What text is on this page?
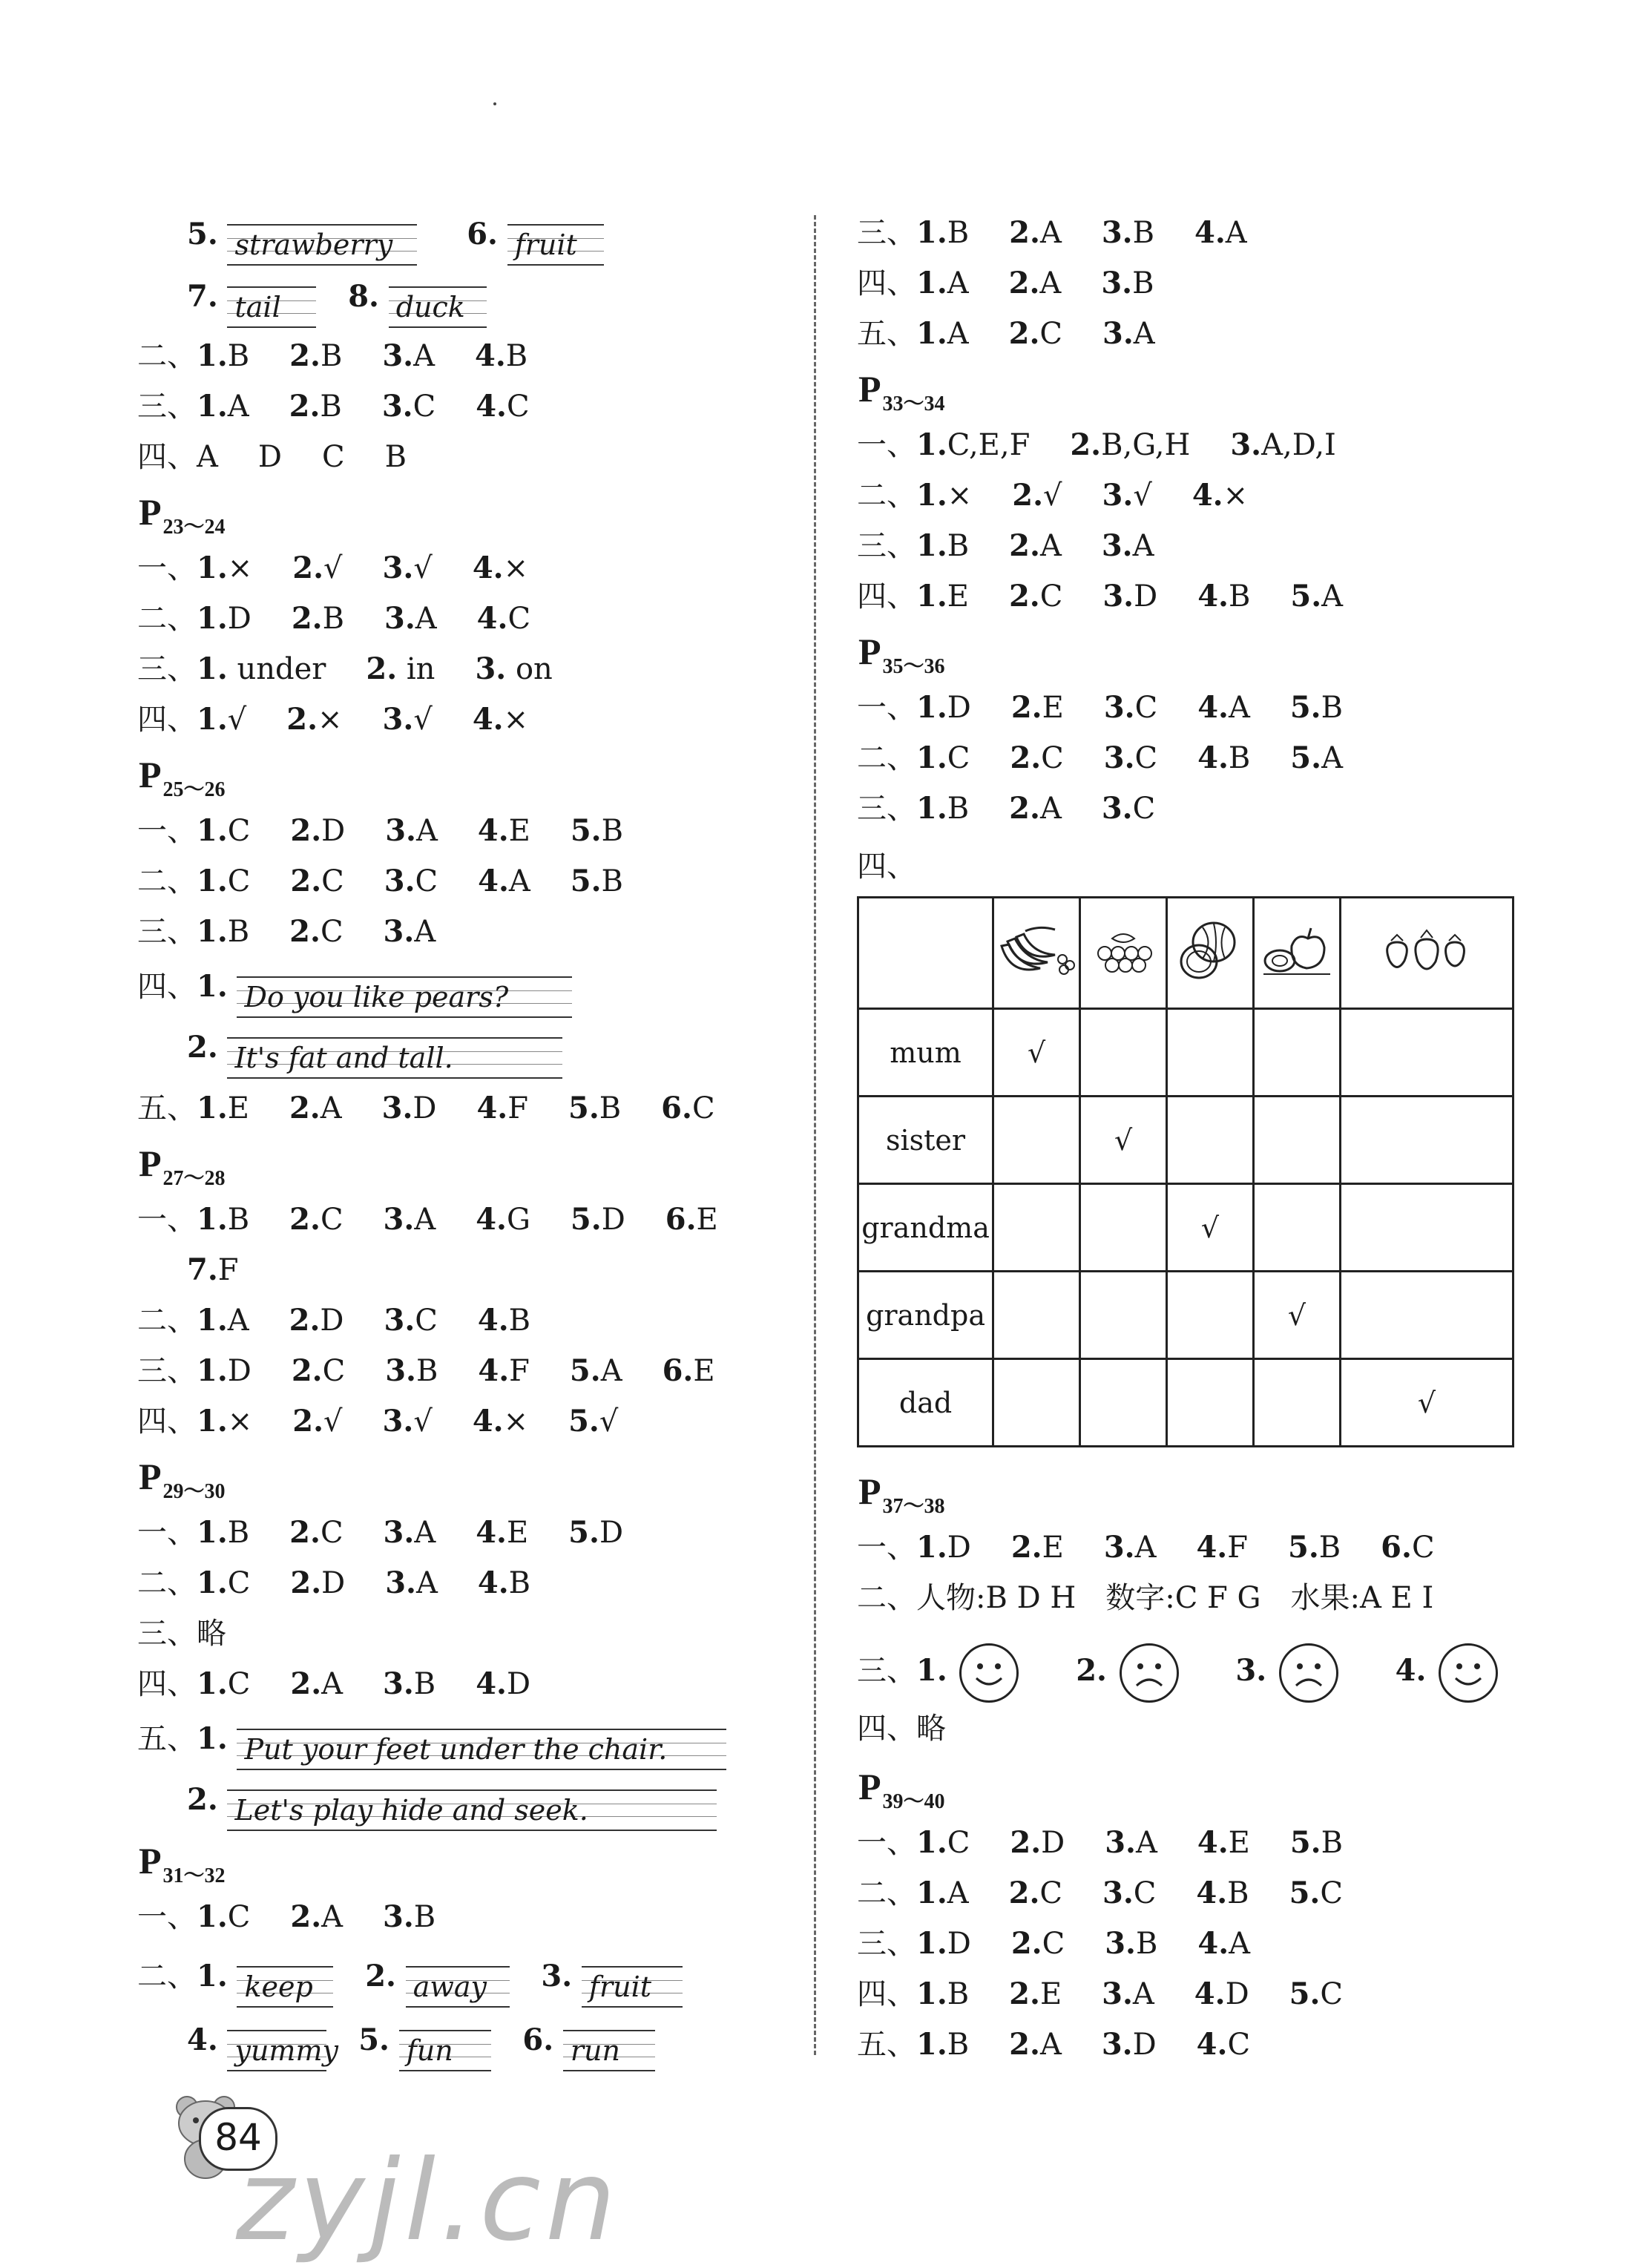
5. strawberry 6. fruit
7. tail 8. duck
二、1.B 2.B 3.A 4.B
三、1.A 2.B 3.C 4.C
四、A D C B
$P_{23\sim 24}$
一、1.× 2.√ 3.√ 4.×
二、1.D 2.B 3.A 4.C
三、1. under 2. in 3. on
四、1.√ 2.× 3.√ 4.×
$P_{25\sim 26}$
一、1.C 2.D 3.A 4.E 5.B
二、1.C 2.C 3.C 4.A 5.B
三、1.B 2.C 3.A
四、1. Do you like pears?
2. It's fat and tall.
五、1.E 2.A 3.D 4.F 5.B 6.C
$P_{27\sim 28}$
一、1.B 2.C 3.A 4.G 5.D 6.E
7.F
二、1.A 2.D 3.C 4.B
三、1.D 2.C 3.B 4.F 5.A 6.E
四、1.× 2.√ 3.√ 4.× 5.√
$P_{29\sim 30}$
一、1.B 2.C 3.A 4.E 5.D
二、1.C 2.D 3.A 4.B
三、略
四、1.C 2.A 3.B 4.D
五、1. Put your feet under the chair.
2. Let's play hide and seek.
$P_{31\sim 32}$
一、1.C 2.A 3.B
二、1. keep 2. away 3. fruit
4. yummy 5. fun 6. run
三、1.B 2.A 3.B 4.A
四、1.A 2.A 3.B
五、1.A 2.C 3.A
$P_{33\sim 34}$
一、1.C,E,F 2.B,G,H 3.A,D,I
二、1.× 2.√ 3.√ 4.×
三、1.B 2.A 3.A
四、1.E 2.C 3.D 4.B 5.A
$P_{35\sim 36}$
一、1.D 2.E 3.C 4.A 5.B
二、1.C 2.C 3.C 4.B 5.A
三、1.B 2.A 3.C
四、

mum	√				
sister		√			
grandma			√		
grandpa				√	
dad					√
$P_{37\sim 38}$
一、1.D 2.E 3.A 4.F 5.B 6.C
二、人物:B D H 数字:C F G 水果:A E I
三、1.	2.	3.	4.
四、略
$P_{39\sim 40}$
一、1.C 2.D 3.A 4.E 5.B
二、1.A 2.C 3.C 4.B 5.C
三、1.D 2.C 3.B 4.A
四、1.B 2.E 3.A 4.D 5.C
五、1.B 2.A 3.D 4.C
84
zyjl.cn
